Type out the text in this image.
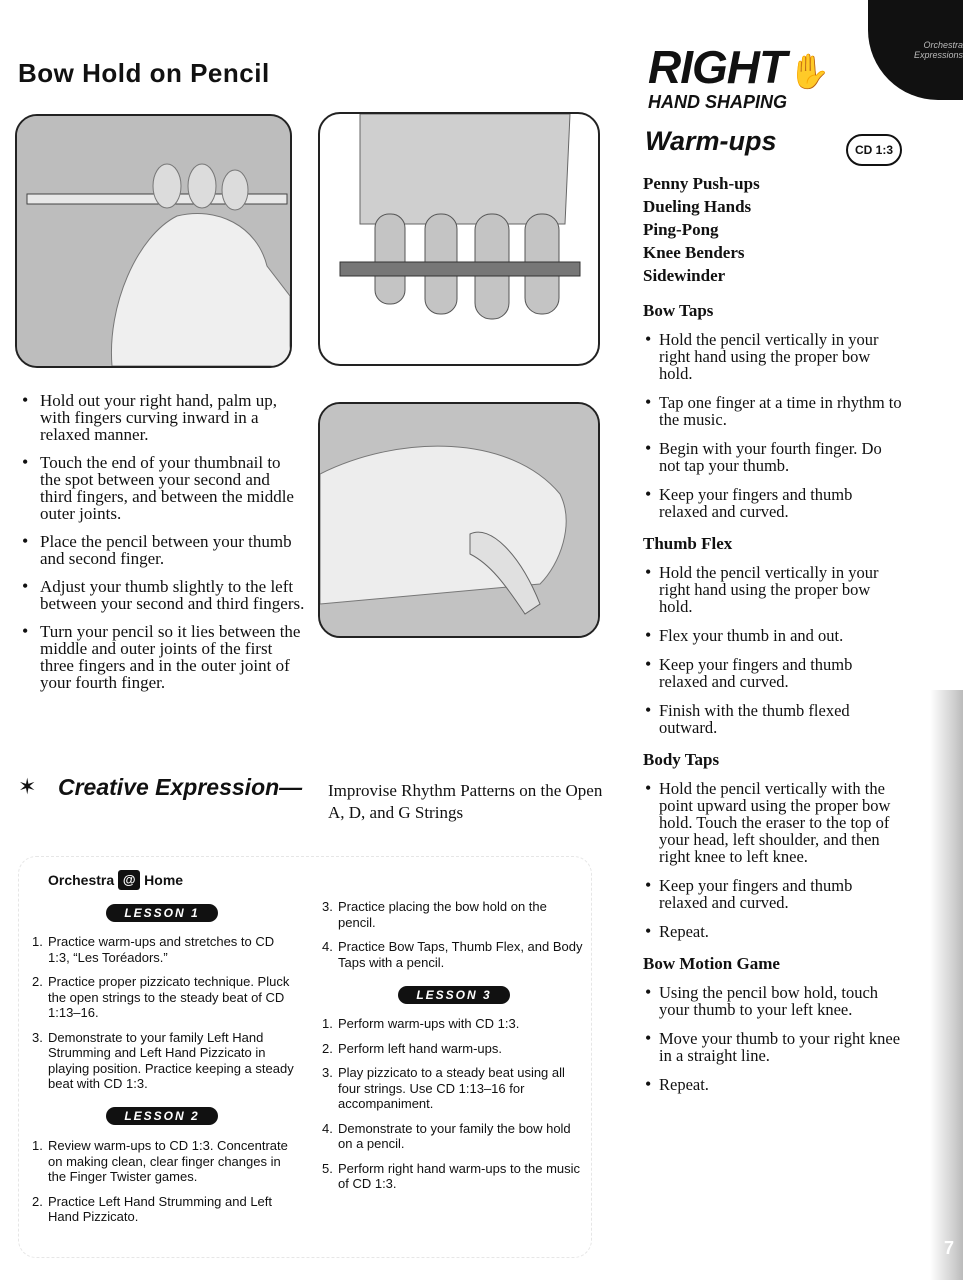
Orchestra Expressions
Bow Hold on Pencil
• Hold out your right hand, palm up, with fingers curving inward in a relaxed manner.
• Touch the end of your thumbnail to the spot between your second and third fingers, and between the middle outer joints.
• Place the pencil between your thumb and second finger.
• Adjust your thumb slightly to the left between your second and third fingers.
• Turn your pencil so it lies between the middle and outer joints of the first three fingers and in the outer joint of your fourth finger.
RIGHT ✋
HAND SHAPING
Warm-ups	CD 1:3
Penny Push-ups
Dueling Hands
Ping-Pong
Knee Benders
Sidewinder
Bow Taps
• Hold the pencil vertically in your right hand using the proper bow hold.
• Tap one finger at a time in rhythm to the music.
• Begin with your fourth finger. Do not tap your thumb.
• Keep your fingers and thumb relaxed and curved.
Thumb Flex
• Hold the pencil vertically in your right hand using the proper bow hold.
• Flex your thumb in and out.
• Keep your fingers and thumb relaxed and curved.
• Finish with the thumb flexed outward.
Body Taps
• Hold the pencil vertically with the point upward using the proper bow hold. Touch the eraser to the top of your head, left shoulder, and then right knee to left knee.
• Keep your fingers and thumb relaxed and curved.
• Repeat.
Bow Motion Game
• Using the pencil bow hold, touch your thumb to your left knee.
• Move your thumb to your right knee in a straight line.
• Repeat.
✶ Creative Expression— Improvise Rhythm Patterns on the Open A, D, and G Strings
Orchestra @ Home
LESSON 1
1. Practice warm-ups and stretches to CD 1:3, “Les Toréadors.”
2. Practice proper pizzicato technique. Pluck the open strings to the steady beat of CD 1:13–16.
3. Demonstrate to your family Left Hand Strumming and Left Hand Pizzicato in playing position. Practice keeping a steady beat with CD 1:3.
LESSON 2
1. Review warm-ups to CD 1:3. Concentrate on making clean, clear finger changes in the Finger Twister games.
2. Practice Left Hand Strumming and Left Hand Pizzicato.
3. Practice placing the bow hold on the pencil.
4. Practice Bow Taps, Thumb Flex, and Body Taps with a pencil.
LESSON 3
1. Perform warm-ups with CD 1:3.
2. Perform left hand warm-ups.
3. Play pizzicato to a steady beat using all four strings. Use CD 1:13–16 for accompaniment.
4. Demonstrate to your family the bow hold on a pencil.
5. Perform right hand warm-ups to the music of CD 1:3.
7
